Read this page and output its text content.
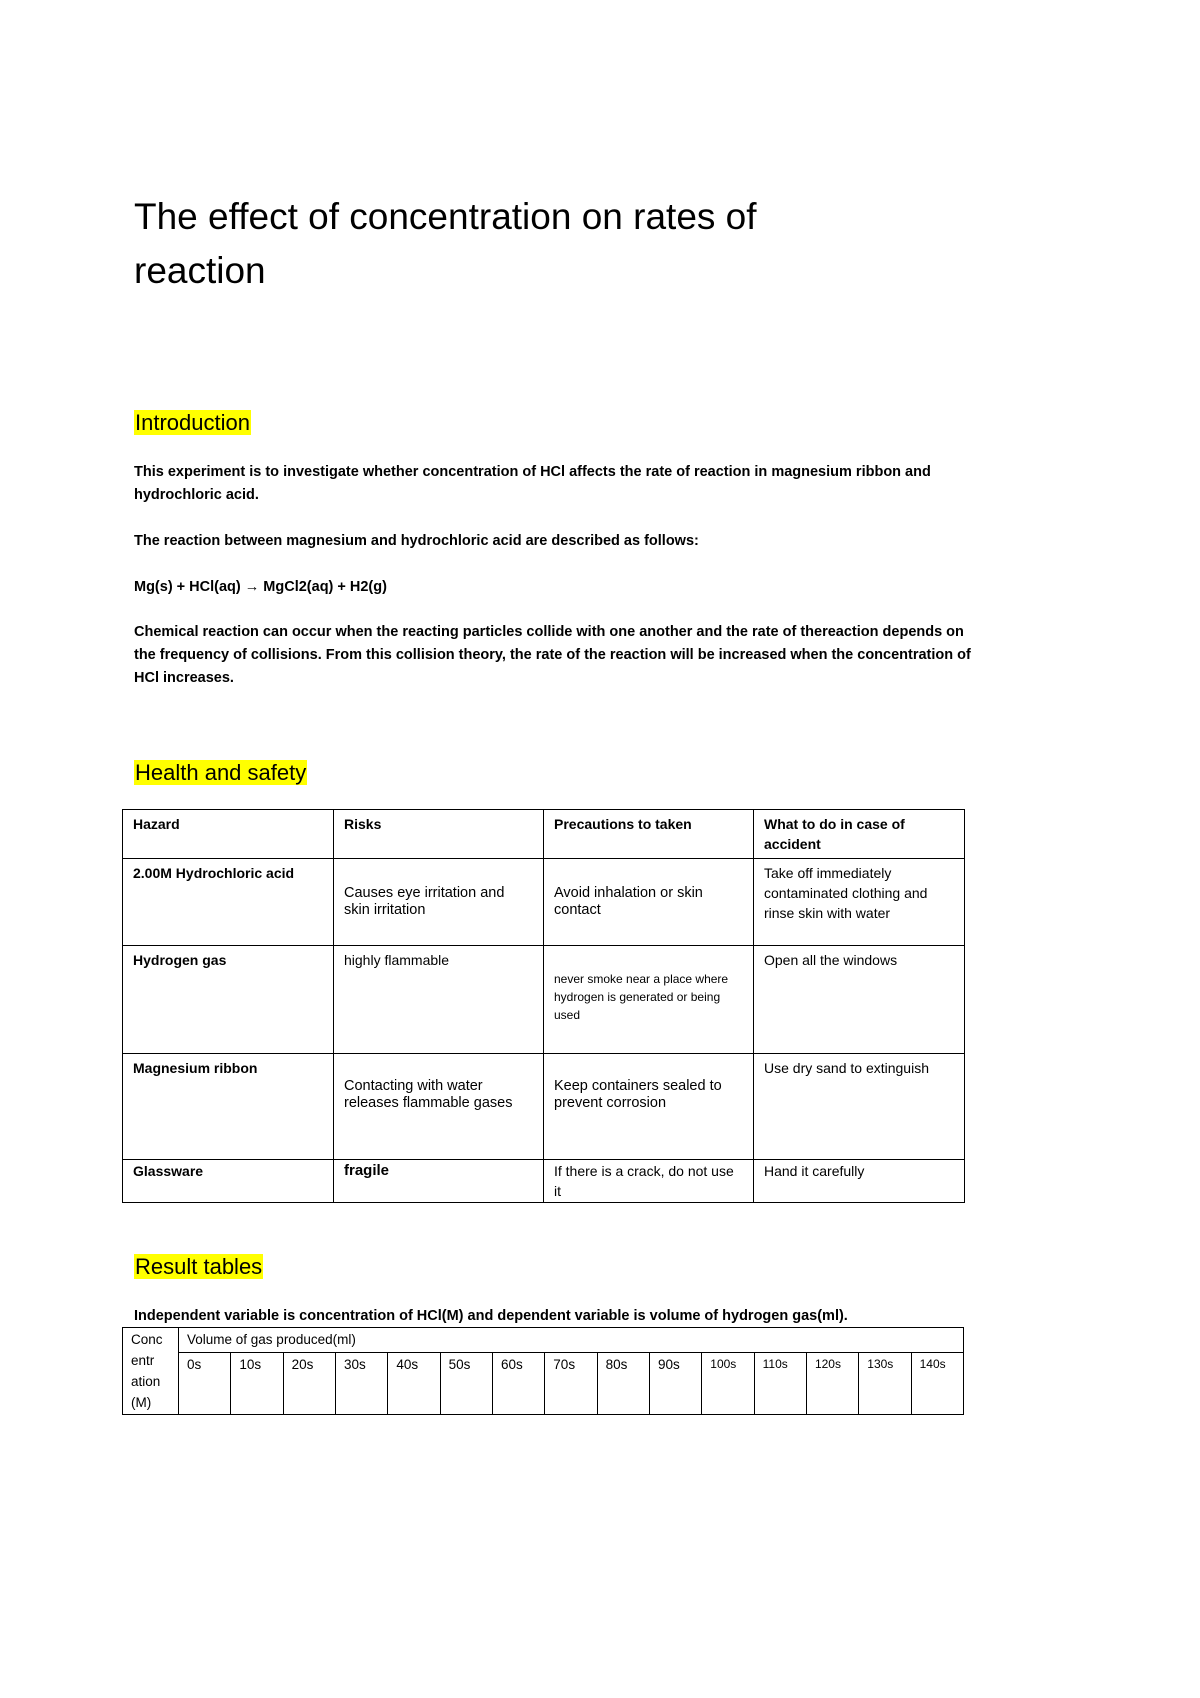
The effect of concentration on rates of reaction
Introduction

This experiment is to investigate whether concentration of HCl affects the rate of reaction in magnesium ribbon and hydrochloric acid.

The reaction between magnesium and hydrochloric acid are described as follows:

Mg(s) + HCl(aq) → MgCl2(aq) + H2(g)

Chemical reaction can occur when the reacting particles collide with one another and the rate of thereaction depends on the frequency of collisions. From this collision theory, the rate of the reaction will be increased when the concentration of HCl increases.

Health and safety
Hazard	Risks	Precautions to taken	What to do in case of accident
2.00M Hydrochloric acid	Causes eye irritation and skin irritation	Avoid inhalation or skin contact	Take off immediately contaminated clothing and rinse skin with water
Hydrogen gas	highly flammable	never smoke near a place where hydrogen is generated or being used	Open all the windows
Magnesium ribbon	Contacting with water releases flammable gases	Keep containers sealed to prevent corrosion	Use dry sand to extinguish
Glassware	fragile	If there is a crack, do not use it	Hand it carefully
Result tables

Independent variable is concentration of HCl(M) and dependent variable is volume of hydrogen gas(ml).

Conc
entr
ation
(M)	Volume of gas produced(ml)														
	0s	10s	20s	30s	40s	50s	60s	70s	80s	90s	100s	110s	120s	130s	140s
